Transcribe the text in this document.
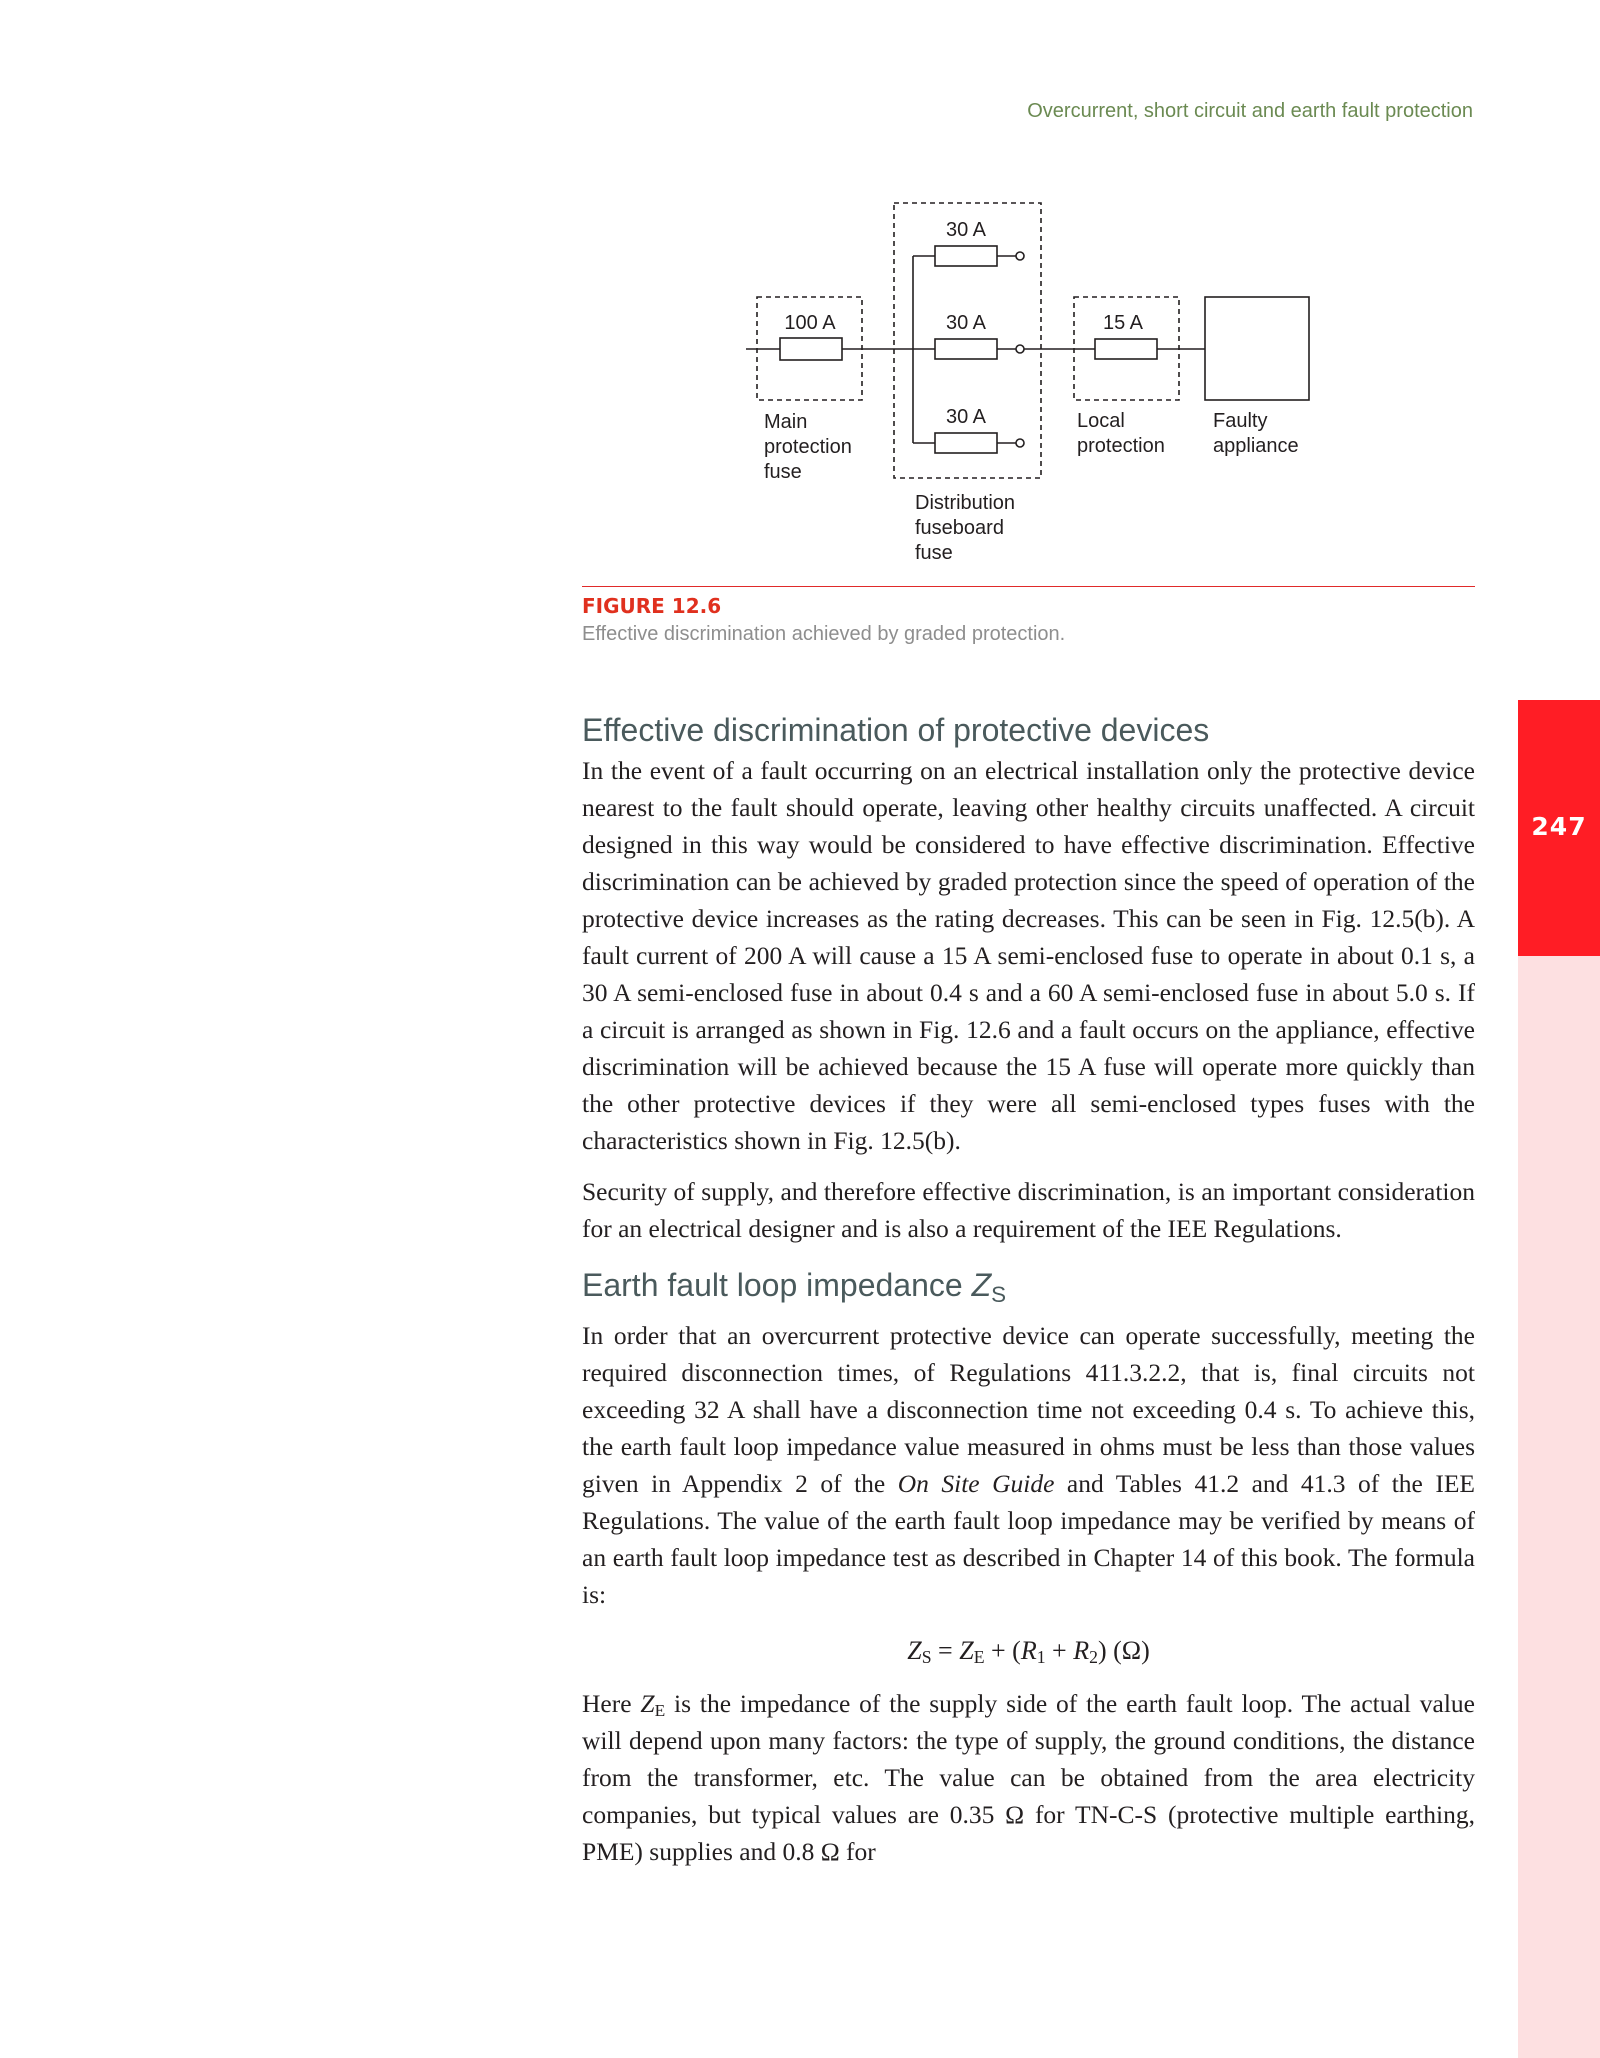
Overcurrent, short circuit and earth fault protection
247
100 A
30 A
30 A
30 A
15 A
Main
protection
fuse
Distribution
fuseboard
fuse
Local
protection
Faulty
appliance
FIGURE 12.6
Effective discrimination achieved by graded protection.
Effective discrimination of protective devices

In the event of a fault occurring on an electrical installation only the protective device nearest to the fault should operate, leaving other healthy circuits unaffected. A circuit designed in this way would be considered to have effective discrimination. Effective discrimination can be achieved by graded protection since the speed of operation of the protective device increases as the rating decreases. This can be seen in Fig. 12.5(b). A fault current of 200 A will cause a 15 A semi-enclosed fuse to operate in about 0.1 s, a 30 A semi-enclosed fuse in about 0.4 s and a 60 A semi-enclosed fuse in about 5.0 s. If a circuit is arranged as shown in Fig. 12.6 and a fault occurs on the appliance, effective discrimination will be achieved because the 15 A fuse will operate more quickly than the other protective devices if they were all semi-enclosed types fuses with the characteristics shown in Fig. 12.5(b).

Security of supply, and therefore effective discrimination, is an important consideration for an electrical designer and is also a requirement of the IEE Regulations.

Earth fault loop impedance ZS

In order that an overcurrent protective device can operate successfully, meeting the required disconnection times, of Regulations 411.3.2.2, that is, final circuits not exceeding 32 A shall have a disconnection time not exceeding 0.4 s. To achieve this, the earth fault loop impedance value measured in ohms must be less than those values given in Appendix 2 of the On Site Guide and Tables 41.2 and 41.3 of the IEE Regulations. The value of the earth fault loop impedance may be verified by means of an earth fault loop impedance test as described in Chapter 14 of this book. The formula is:

$Z_S = Z_E + (R_1 + R_2)$ (Ω)

Here $Z_E$ is the impedance of the supply side of the earth fault loop. The actual value will depend upon many factors: the type of supply, the ground conditions, the distance from the transformer, etc. The value can be obtained from the area electricity companies, but typical values are 0.35 Ω for TN-C-S (protective multiple earthing, PME) supplies and 0.8 Ω for
